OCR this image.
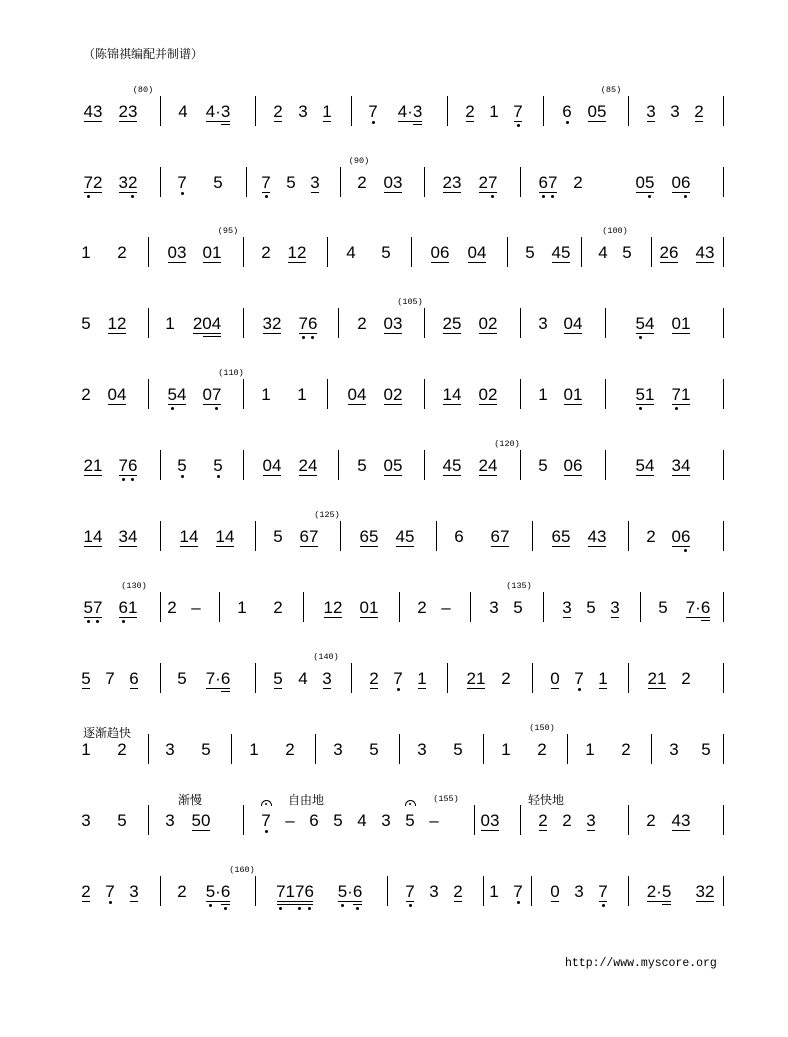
（陈锦祺编配并制谱）
http://www.myscore.org
43 23
(80)
4 4·3	2 3 1 7 4·3	2 1 7 6 05
(85)
3 3 2
72 32 7 5 7 5 3 2
(90)
03 23 27 67 2	05 06
1 2 03 01
(95)
2 12 4 5 06 04 5 45 4
(100)
5 26 43
5 12 1 204 32 76 2 03
(105)
25 02 3 04	54 01
2 04 54 07
(110)
1 1 04 02 14 02 1 01	51 71
21 76 5 5 04 24 5 05 45 24
(120)
5 06	54 34
14 34 14 14 5 67
(125)
65 45 6 67 65 43 2 06
57 61
(130)
2 – 1 2 12 01 2 – 3 5
(135)
3 5 3 5 7·6
5 7 6 5 7·6	5 4 3
(140)
2 7 1 21 2 0 7 1 21 2
1 2 3 5 1 2 3 5 3 5 1 2
(150)
1 2 3 5
逐渐趋快
3 5 3 50	7 – 6 5 4 3 5 –
(155)
03 2 2 3	2 43
渐慢	自由地	轻快地
2 7 3 2 5·6
(160)
7176 5·6	7 3 2 1 7 0 3 7 2·5 32
